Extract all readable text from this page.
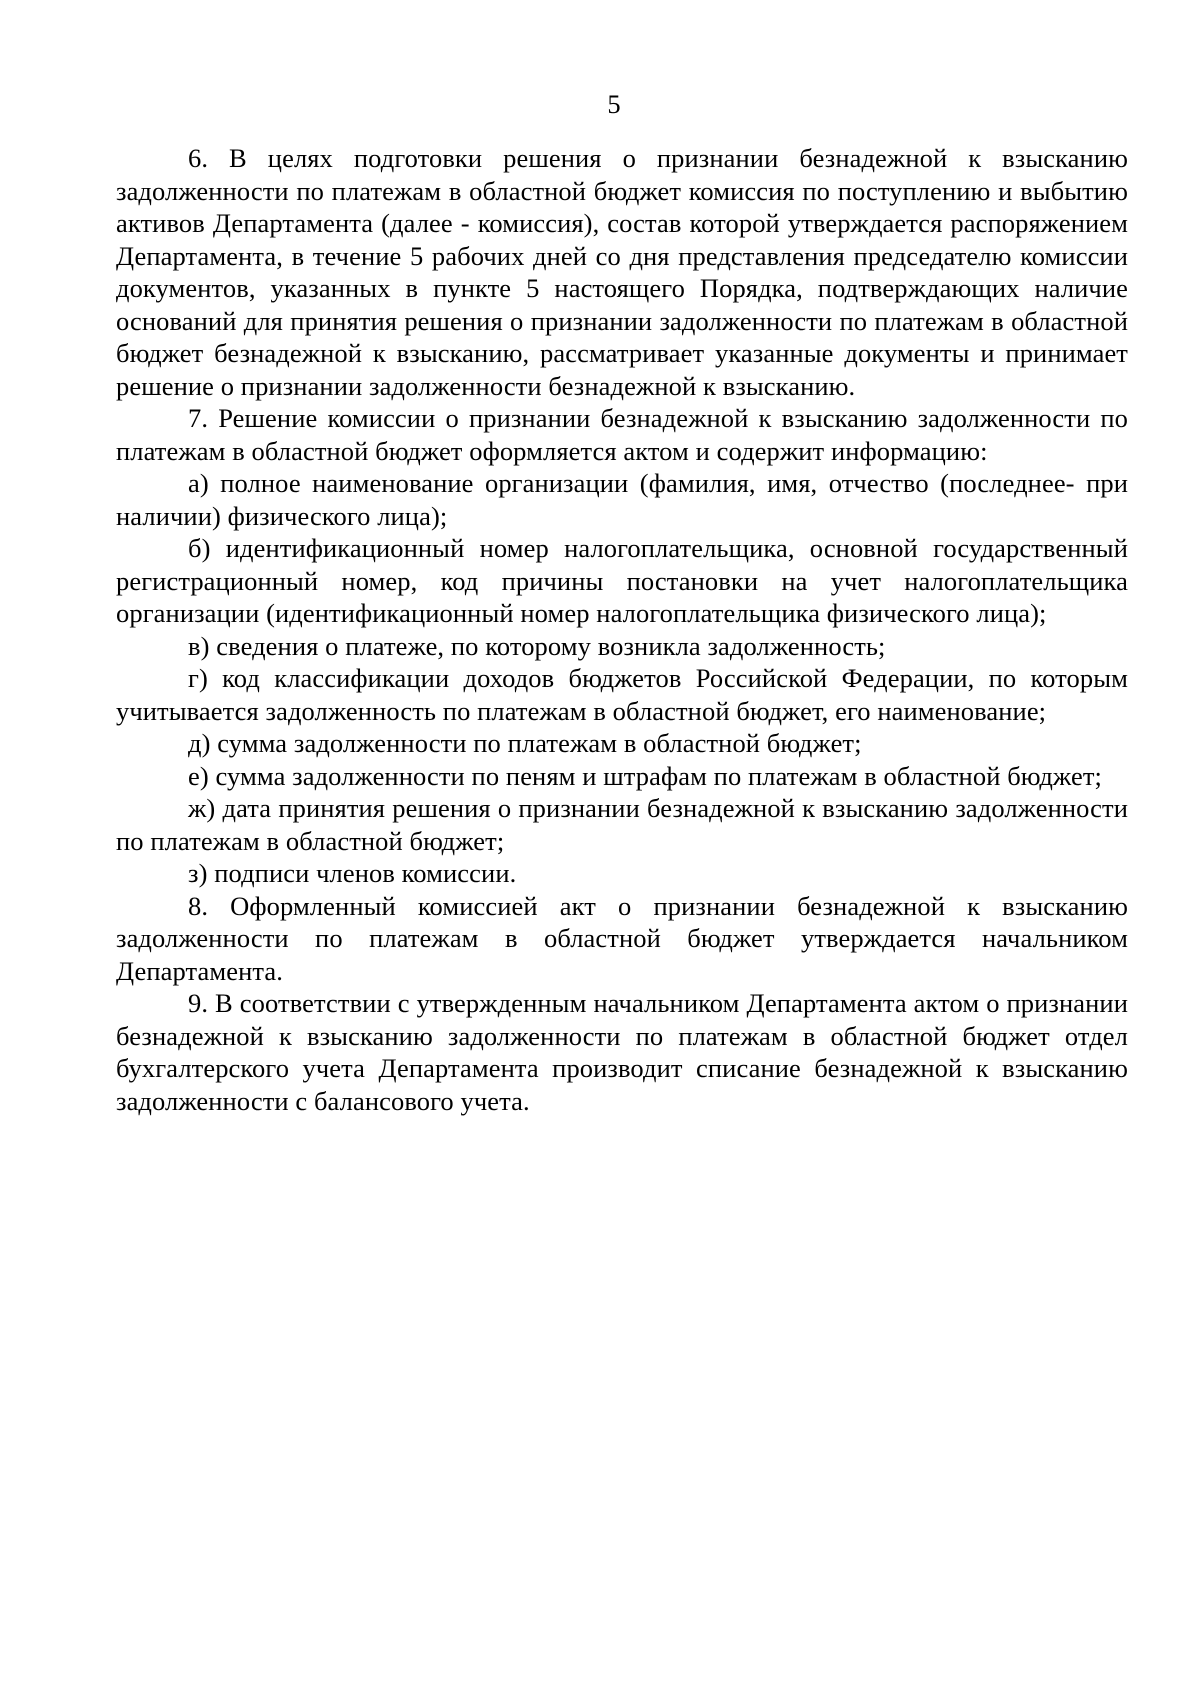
5

6. В целях подготовки решения о признании безнадежной к взысканию задолженности по платежам в областной бюджет комиссия по поступлению и выбытию активов Департамента (далее - комиссия), состав которой утверждается распоряжением Департамента, в течение 5 рабочих дней со дня представления председателю комиссии документов, указанных в пункте 5 настоящего Порядка, подтверждающих наличие оснований для принятия решения о признании задолженности по платежам в областной бюджет безнадежной к взысканию, рассматривает указанные документы и принимает решение о признании задолженности безнадежной к взысканию.

7. Решение комиссии о признании безнадежной к взысканию задолженности по платежам в областной бюджет оформляется актом и содержит информацию:

а) полное наименование организации (фамилия, имя, отчество (последнее- при наличии) физического лица);

б) идентификационный номер налогоплательщика, основной государственный регистрационный номер, код причины постановки на учет налогоплательщика организации (идентификационный номер налогоплательщика физического лица);

в) сведения о платеже, по которому возникла задолженность;

г) код классификации доходов бюджетов Российской Федерации, по которым учитывается задолженность по платежам в областной бюджет, его наименование;

д) сумма задолженности по платежам в областной бюджет;

е) сумма задолженности по пеням и штрафам по платежам в областной бюджет;

ж) дата принятия решения о признании безнадежной к взысканию задолженности по платежам в областной бюджет;

з) подписи членов комиссии.

8. Оформленный комиссией акт о признании безнадежной к взысканию задолженности по платежам в областной бюджет утверждается начальником Департамента.

9. В соответствии с утвержденным начальником Департамента актом о признании безнадежной к взысканию задолженности по платежам в областной бюджет отдел бухгалтерского учета Департамента производит списание безнадежной к взысканию задолженности с балансового учета.
